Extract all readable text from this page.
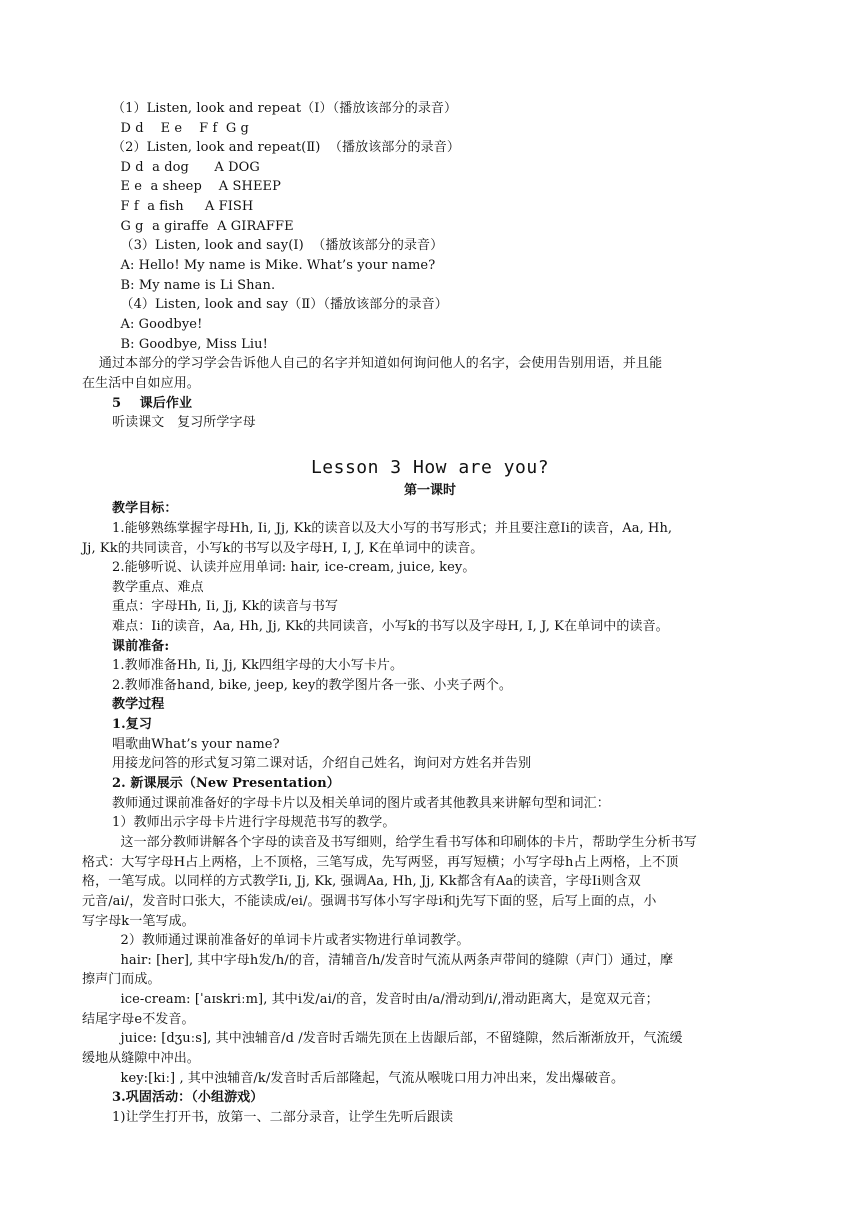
（1）Listen, look and repeat（Ⅰ）（播放该部分的录音）
D d    E e    F f  G g
（2）Listen, look and repeat(Ⅱ)  （播放该部分的录音）
D d  a dog      A DOG
E e  a sheep    A SHEEP
F f  a fish     A FISH
G g  a giraffe  A GIRAFFE
（3）Listen, look and say(Ⅰ)  （播放该部分的录音）
A: Hello! My name is Mike. What’s your name?
B: My name is Li Shan.
（4）Listen, look and say（Ⅱ）（播放该部分的录音）
A: Goodbye!
B: Goodbye, Miss Liu!
通过本部分的学习学会告诉他人自己的名字并知道如何询问他人的名字，会使用告别用语，并且能
在生活中自如应用。
5    课后作业
听读课文   复习所学字母
Lesson 3 How are you?
第一课时
教学目标：
1.能够熟练掌握字母Hh, Ii, Jj, Kk的读音以及大小写的书写形式；并且要注意Ii的读音，Aa, Hh,
Jj, Kk的共同读音，小写k的书写以及字母H, I, J, K在单词中的读音。
2.能够听说、认读并应用单词: hair, ice-cream, juice, key。
教学重点、难点
重点：字母Hh, Ii, Jj, Kk的读音与书写
难点：Ii的读音，Aa, Hh, Jj, Kk的共同读音，小写k的书写以及字母H, I, J, K在单词中的读音。
课前准备:
1.教师准备Hh, Ii, Jj, Kk四组字母的大小写卡片。
2.教师准备hand, bike, jeep, key的教学图片各一张、小夹子两个。
教学过程
1.复习
唱歌曲What’s your name?
用接龙问答的形式复习第二课对话，介绍自己姓名，询问对方姓名并告别
2. 新课展示（New Presentation）
教师通过课前准备好的字母卡片以及相关单词的图片或者其他教具来讲解句型和词汇：
1）教师出示字母卡片进行字母规范书写的教学。
这一部分教师讲解各个字母的读音及书写细则，给学生看书写体和印刷体的卡片，帮助学生分析书写
格式：大写字母H占上两格，上不顶格，三笔写成，先写两竖，再写短横；小写字母h占上两格，上不顶
格，一笔写成。以同样的方式教学Ii, Jj, Kk, 强调Aa, Hh, Jj, Kk都含有Aa的读音，字母Ii则含双
元音/ai/，发音时口张大，不能读成/ei/。强调书写体小写字母i和j先写下面的竖，后写上面的点，小
写字母k一笔写成。
2）教师通过课前准备好的单词卡片或者实物进行单词教学。
hair: [her], 其中字母h发/h/的音，清辅音/h/发音时气流从两条声带间的缝隙（声门）通过，摩
擦声门而成。
ice-cream: [ˈaɪskriːm], 其中i发/ai/的音，发音时由/a/滑动到/i/,滑动距离大，是宽双元音；
结尾字母e不发音。
juice: [dʒuːs], 其中浊辅音/d /发音时舌端先顶在上齿龈后部，不留缝隙，然后渐渐放开，气流缓
缓地从缝隙中冲出。
key:[kiː] , 其中浊辅音/k/发音时舌后部隆起，气流从喉咙口用力冲出来，发出爆破音。
3.巩固活动：（小组游戏）
1)让学生打开书，放第一、二部分录音，让学生先听后跟读
